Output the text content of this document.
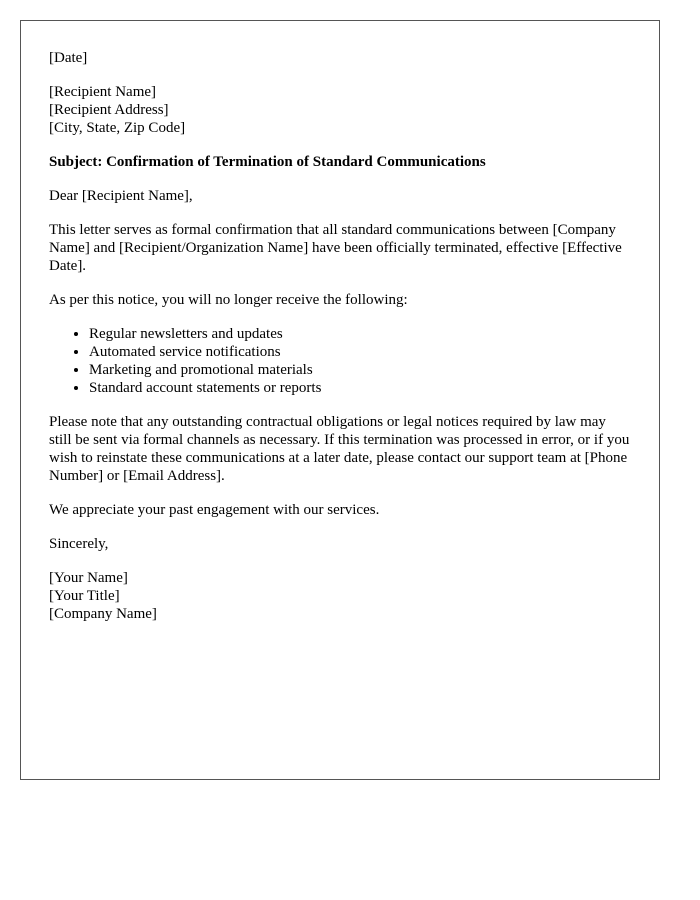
[Date]

[Recipient Name]
[Recipient Address]
[City, State, Zip Code]

Subject: Confirmation of Termination of Standard Communications

Dear [Recipient Name],

This letter serves as formal confirmation that all standard communications between [Company Name] and [Recipient/Organization Name] have been officially terminated, effective [Effective Date].

As per this notice, you will no longer receive the following:

• Regular newsletters and updates
• Automated service notifications
• Marketing and promotional materials
• Standard account statements or reports

Please note that any outstanding contractual obligations or legal notices required by law may still be sent via formal channels as necessary. If this termination was processed in error, or if you wish to reinstate these communications at a later date, please contact our support team at [Phone Number] or [Email Address].

We appreciate your past engagement with our services.

Sincerely,

[Your Name]
[Your Title]
[Company Name]
